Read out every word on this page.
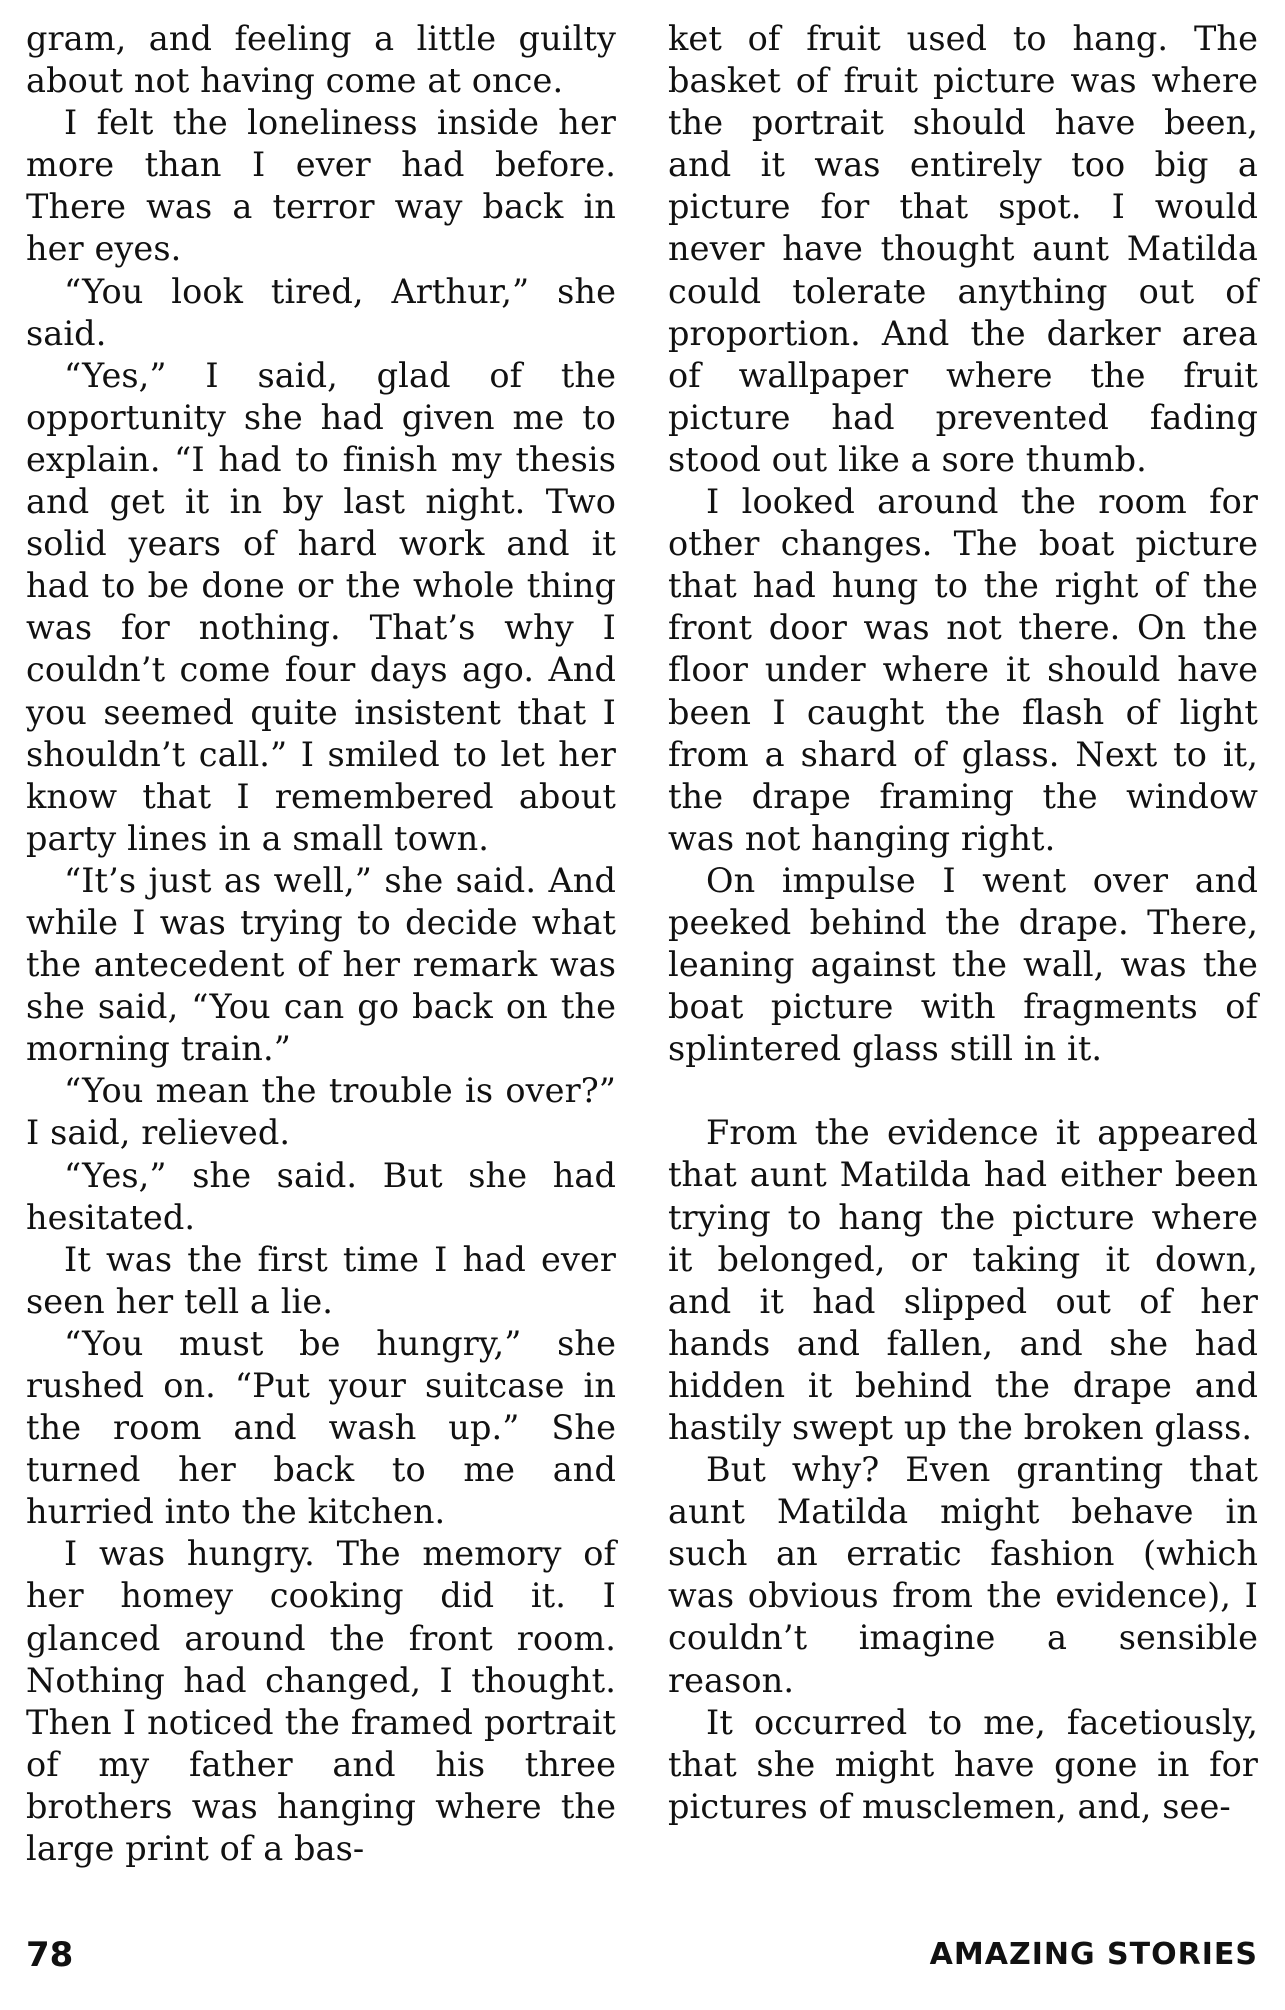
gram, and feeling a little guilty about not having come at once.

I felt the loneliness inside her more than I ever had before. There was a terror way back in her eyes.

“You look tired, Arthur,” she said.

“Yes,” I said, glad of the opportunity she had given me to explain. “I had to finish my thesis and get it in by last night. Two solid years of hard work and it had to be done or the whole thing was for nothing. That’s why I couldn’t come four days ago. And you seemed quite insistent that I shouldn’t call.” I smiled to let her know that I remembered about party lines in a small town.

“It’s just as well,” she said. And while I was trying to decide what the antecedent of her remark was she said, “You can go back on the morning train.”

“You mean the trouble is over?” I said, relieved.

“Yes,” she said. But she had hesitated.

It was the first time I had ever seen her tell a lie.

“You must be hungry,” she rushed on. “Put your suitcase in the room and wash up.” She turned her back to me and hurried into the kitchen.

I was hungry. The memory of her homey cooking did it. I glanced around the front room. Nothing had changed, I thought. Then I noticed the framed portrait of my father and his three brothers was hanging where the large print of a bas-

ket of fruit used to hang. The basket of fruit picture was where the portrait should have been, and it was entirely too big a picture for that spot. I would never have thought aunt Matilda could tolerate anything out of proportion. And the darker area of wallpaper where the fruit picture had prevented fading stood out like a sore thumb.

I looked around the room for other changes. The boat picture that had hung to the right of the front door was not there. On the floor under where it should have been I caught the flash of light from a shard of glass. Next to it, the drape framing the window was not hanging right.

On impulse I went over and peeked behind the drape. There, leaning against the wall, was the boat picture with fragments of splintered glass still in it.

From the evidence it appeared that aunt Matilda had either been trying to hang the picture where it belonged, or taking it down, and it had slipped out of her hands and fallen, and she had hidden it behind the drape and hastily swept up the broken glass.

But why? Even granting that aunt Matilda might behave in such an erratic fashion (which was obvious from the evidence), I couldn’t imagine a sensible reason.

It occurred to me, facetiously, that she might have gone in for pictures of musclemen, and, see-

78	AMAZING STORIES
